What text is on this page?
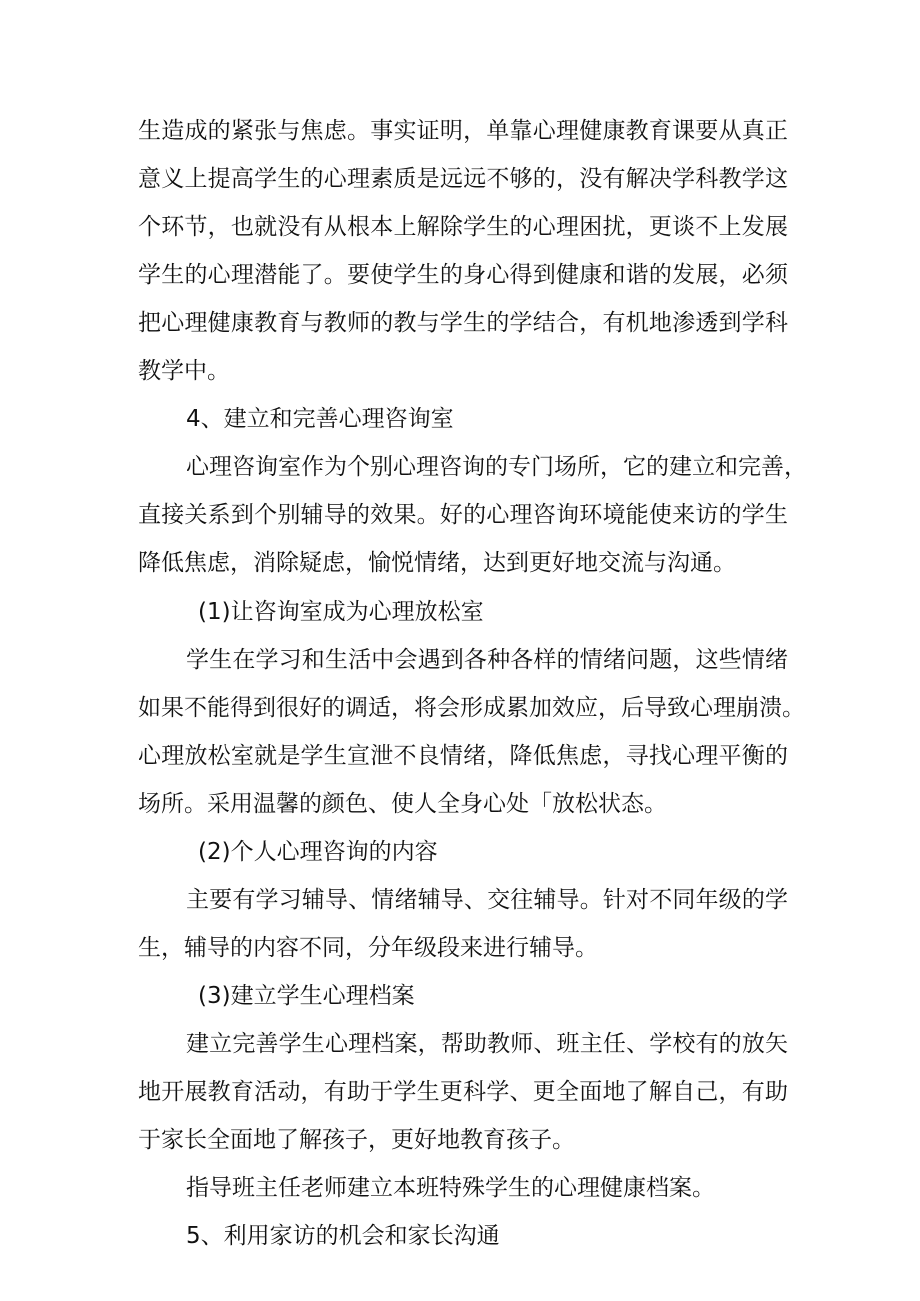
生造成的紧张与焦虑。事实证明，单靠心理健康教育课要从真正
意义上提高学生的心理素质是远远不够的，没有解决学科教学这
个环节，也就没有从根本上解除学生的心理困扰，更谈不上发展
学生的心理潜能了。要使学生的身心得到健康和谐的发展，必须
把心理健康教育与教师的教与学生的学结合，有机地渗透到学科
教学中。
4、建立和完善心理咨询室
心理咨询室作为个别心理咨询的专门场所，它的建立和完善，
直接关系到个别辅导的效果。好的心理咨询环境能使来访的学生
降低焦虑，消除疑虑，愉悦情绪，达到更好地交流与沟通。
(1)让咨询室成为心理放松室
学生在学习和生活中会遇到各种各样的情绪问题，这些情绪
如果不能得到很好的调适，将会形成累加效应，后导致心理崩溃。
心理放松室就是学生宣泄不良情绪，降低焦虑，寻找心理平衡的
场所。采用温馨的颜色、使人全身心处「放松状态。
(2)个人心理咨询的内容
主要有学习辅导、情绪辅导、交往辅导。针对不同年级的学
生，辅导的内容不同，分年级段来进行辅导。
(3)建立学生心理档案
建立完善学生心理档案，帮助教师、班主任、学校有的放矢
地开展教育活动，有助于学生更科学、更全面地了解自己，有助
于家长全面地了解孩子，更好地教育孩子。
指导班主任老师建立本班特殊学生的心理健康档案。
5、利用家访的机会和家长沟通
